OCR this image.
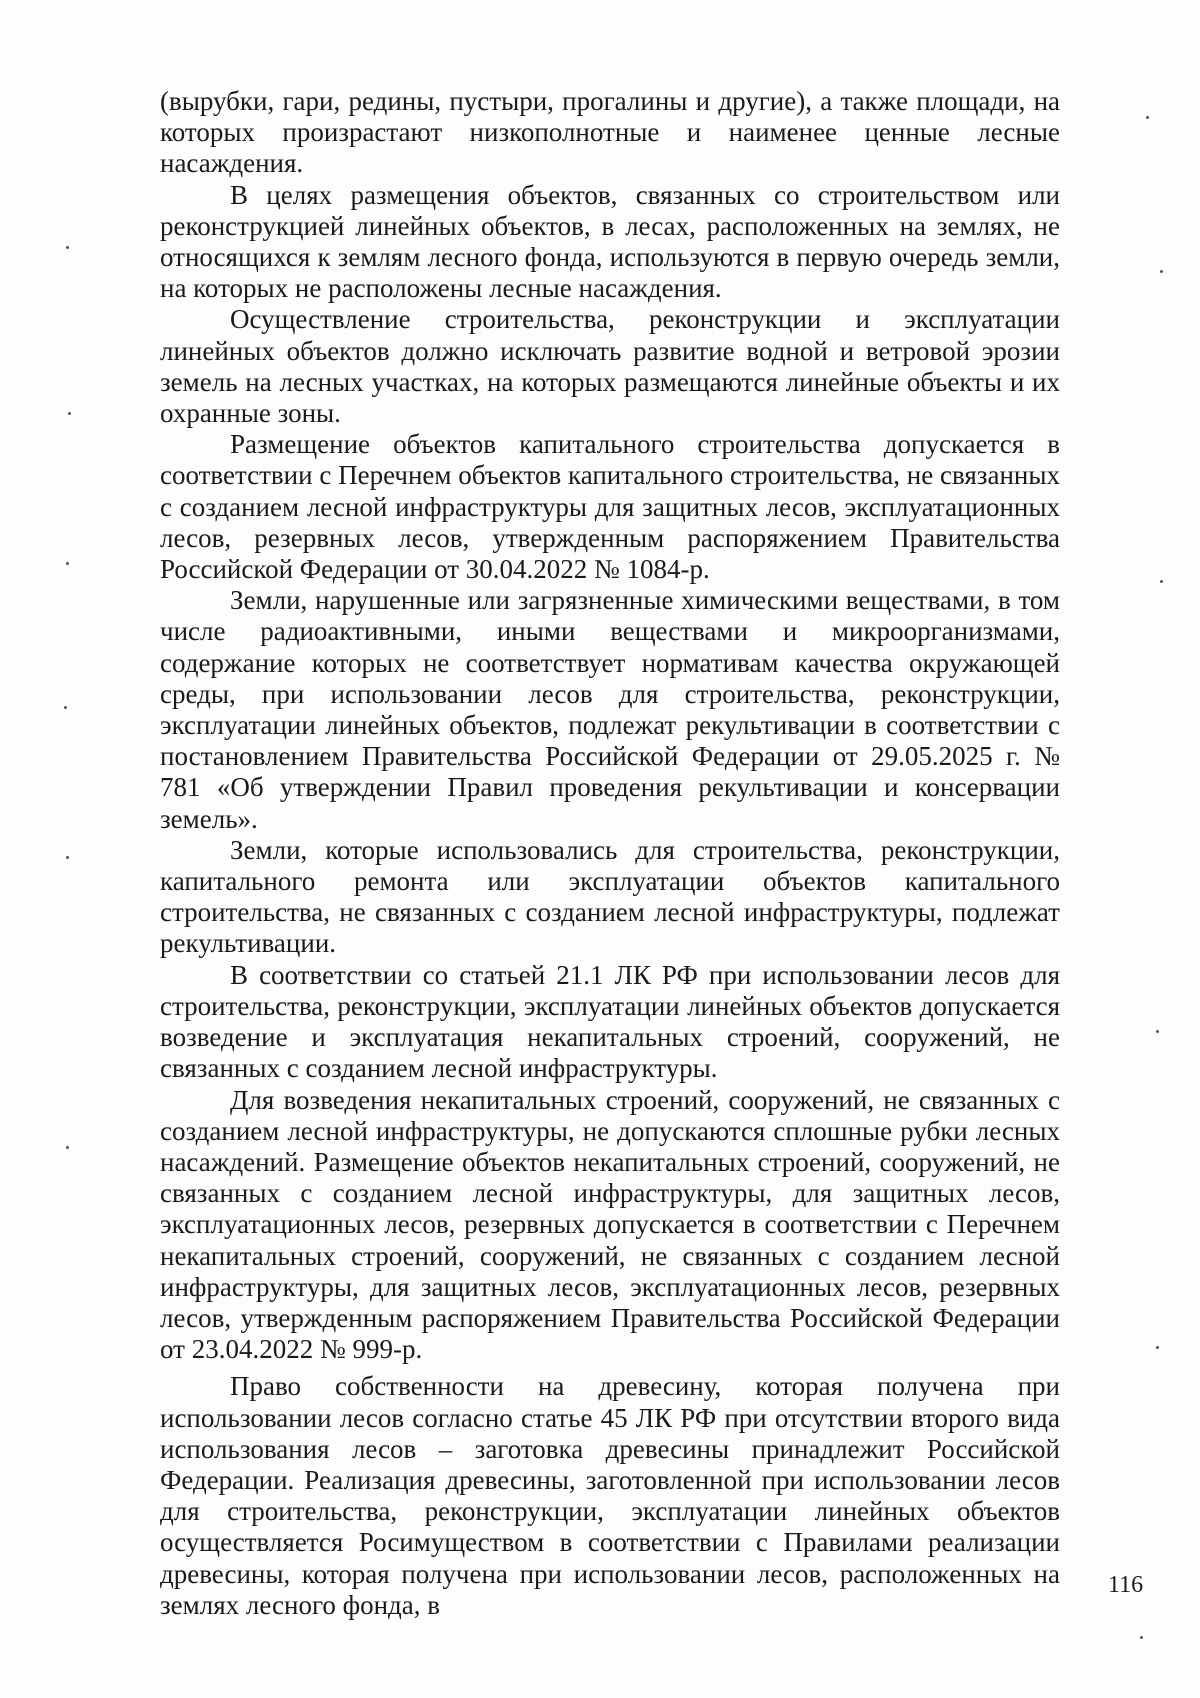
(вырубки, гари, редины, пустыри, прогалины и другие), а также площади, на которых произрастают низкополнотные и наименее ценные лесные насаждения.

В целях размещения объектов, связанных со строительством или реконструкцией линейных объектов, в лесах, расположенных на землях, не относящихся к землям лесного фонда, используются в первую очередь земли, на которых не расположены лесные насаждения.

Осуществление строительства, реконструкции и эксплуатации линейных объектов должно исключать развитие водной и ветровой эрозии земель на лесных участках, на которых размещаются линейные объекты и их охранные зоны.

Размещение объектов капитального строительства допускается в соответствии с Перечнем объектов капитального строительства, не связанных с созданием лесной инфраструктуры для защитных лесов, эксплуатационных лесов, резервных лесов, утвержденным распоряжением Правительства Российской Федерации от 30.04.2022 № 1084-р.

Земли, нарушенные или загрязненные химическими веществами, в том числе радиоактивными, иными веществами и микроорганизмами, содержание которых не соответствует нормативам качества окружающей среды, при использовании лесов для строительства, реконструкции, эксплуатации линейных объектов, подлежат рекультивации в соответствии с постановлением Правительства Российской Федерации от 29.05.2025 г. № 781 «Об утверждении Правил проведения рекультивации и консервации земель».

Земли, которые использовались для строительства, реконструкции, капитального ремонта или эксплуатации объектов капитального строительства, не связанных с созданием лесной инфраструктуры, подлежат рекультивации.

В соответствии со статьей 21.1 ЛК РФ при использовании лесов для строительства, реконструкции, эксплуатации линейных объектов допускается возведение и эксплуатация некапитальных строений, сооружений, не связанных с созданием лесной инфраструктуры.

Для возведения некапитальных строений, сооружений, не связанных с созданием лесной инфраструктуры, не допускаются сплошные рубки лесных насаждений. Размещение объектов некапитальных строений, сооружений, не связанных с созданием лесной инфраструктуры, для защитных лесов, эксплуатационных лесов, резервных допускается в соответствии с Перечнем некапитальных строений, сооружений, не связанных с созданием лесной инфраструктуры, для защитных лесов, эксплуатационных лесов, резервных лесов, утвержденным распоряжением Правительства Российской Федерации от 23.04.2022 № 999-р.

Право собственности на древесину, которая получена при использовании лесов согласно статье 45 ЛК РФ при отсутствии второго вида использования лесов – заготовка древесины принадлежит Российской Федерации. Реализация древесины, заготовленной при использовании лесов для строительства, реконструкции, эксплуатации линейных объектов осуществляется Росимуществом в соответствии с Правилами реализации древесины, которая получена при использовании лесов, расположенных на землях лесного фонда, в

116
